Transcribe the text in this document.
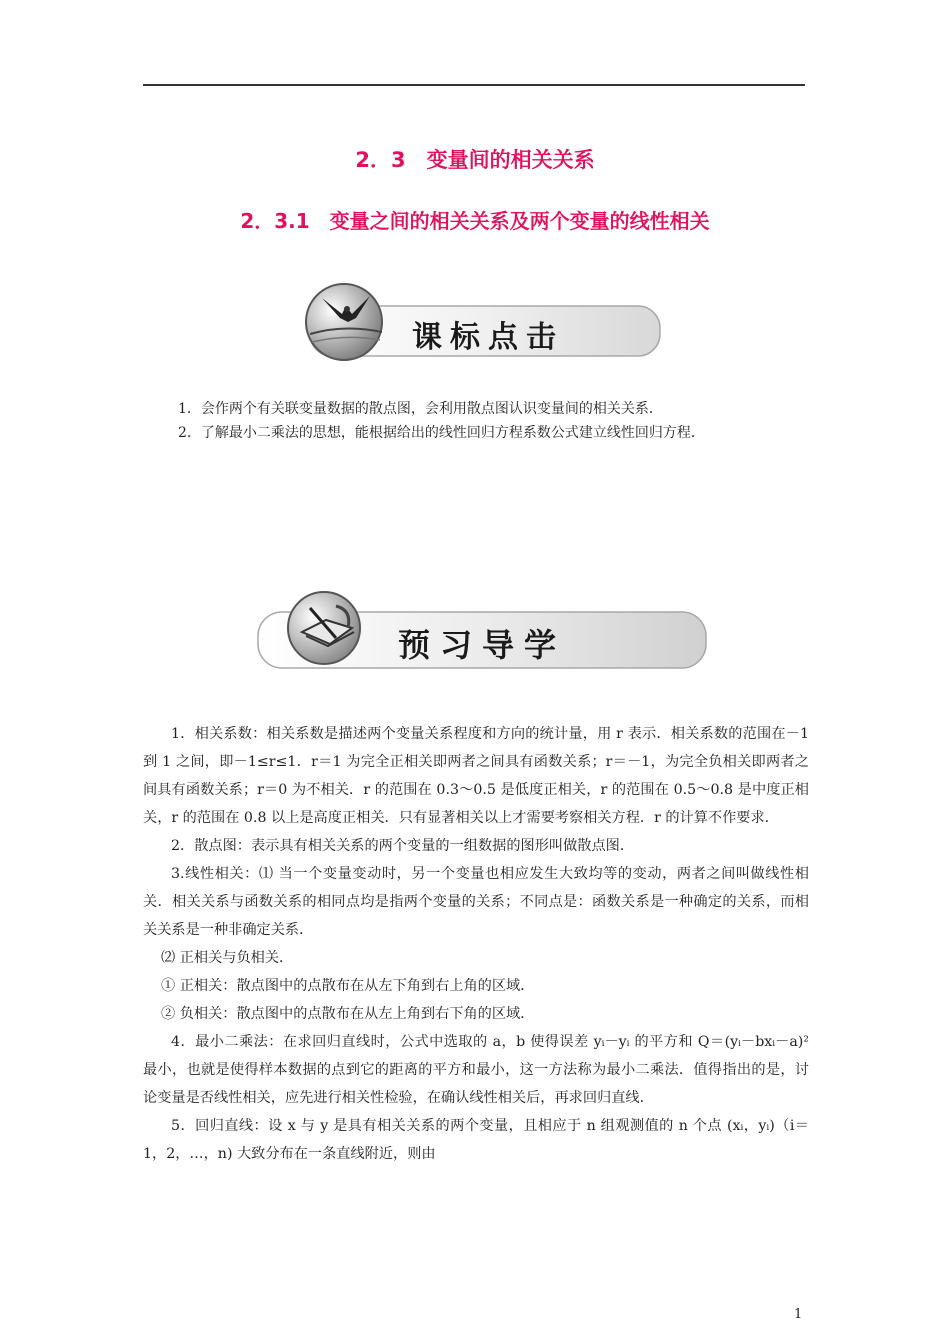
2．3　变量间的相关关系
2．3.1　变量之间的相关关系及两个变量的线性相关
课标点击

1．会作两个有关联变量数据的散点图，会利用散点图认识变量间的相关关系．

2．了解最小二乘法的思想，能根据给出的线性回归方程系数公式建立线性回归方程．

预习导学

1．相关系数：相关系数是描述两个变量关系程度和方向的统计量，用 r 表示．相关系数的范围在－1 到 1 之间，即－1≤r≤1．r＝1 为完全正相关即两者之间具有函数关系；r＝－1，为完全负相关即两者之间具有函数关系；r＝0 为不相关．r 的范围在 0.3～0.5 是低度正相关，r 的范围在 0.5～0.8 是中度正相关，r 的范围在 0.8 以上是高度正相关．只有显著相关以上才需要考察相关方程．r 的计算不作要求．

2．散点图：表示具有相关关系的两个变量的一组数据的图形叫做散点图．

3.线性相关：⑴ 当一个变量变动时，另一个变量也相应发生大致均等的变动，两者之间叫做线性相关．相关关系与函数关系的相同点均是指两个变量的关系；不同点是：函数关系是一种确定的关系，而相关关系是一种非确定关系．

⑵ 正相关与负相关．

① 正相关：散点图中的点散布在从左下角到右上角的区域．

② 负相关：散点图中的点散布在从左上角到右下角的区域．

4．最小二乘法：在求回归直线时，公式中选取的 a，b 使得误差 yᵢ－yᵢ 的平方和 Q＝(yᵢ－bxᵢ－a)² 最小，也就是使得样本数据的点到它的距离的平方和最小，这一方法称为最小二乘法．值得指出的是，讨论变量是否线性相关，应先进行相关性检验，在确认线性相关后，再求回归直线．

5．回归直线：设 x 与 y 是具有相关关系的两个变量，且相应于 n 组观测值的 n 个点 (xᵢ，yᵢ)（i＝1，2，…，n) 大致分布在一条直线附近，则由

1
